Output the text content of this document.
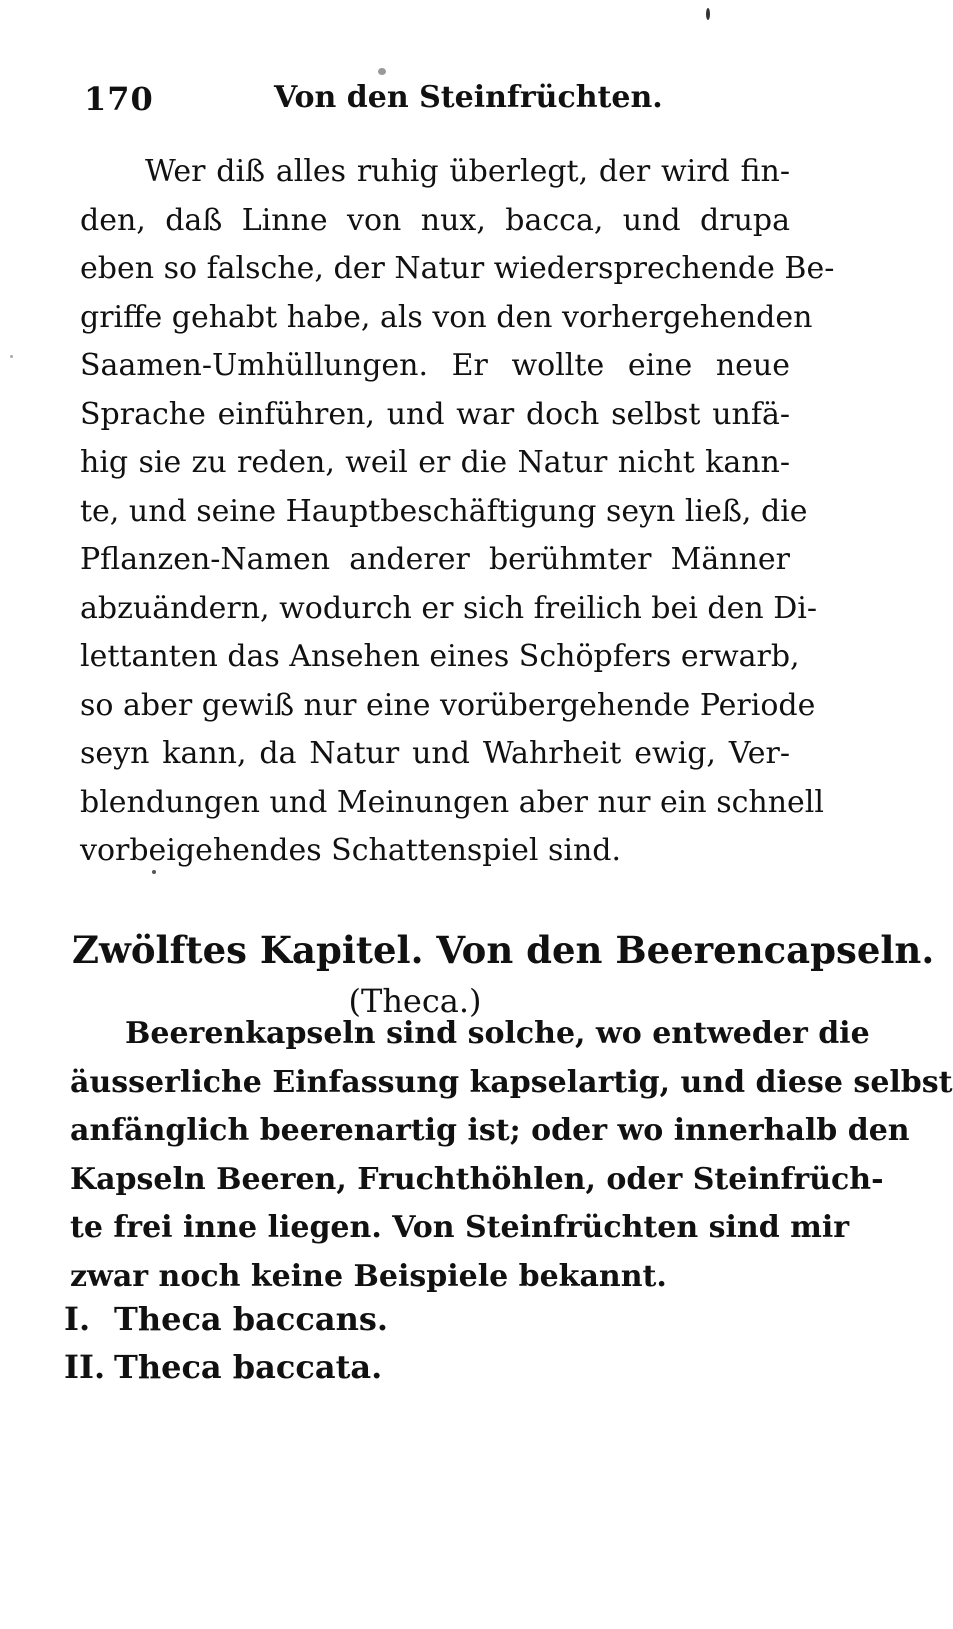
170	Von den Steinfrüchten.
Wer diß alles ruhig überlegt, der wird fin-
den, daß Linne von nux, bacca, und drupa
eben so falsche, der Natur wiedersprechende Be-
griffe gehabt habe, als von den vorhergehenden
Saamen-Umhüllungen. Er wollte eine neue
Sprache einführen, und war doch selbst unfä-
hig sie zu reden, weil er die Natur nicht kann-
te, und seine Hauptbeschäftigung seyn ließ, die
Pflanzen-Namen anderer berühmter Männer
abzuändern, wodurch er sich freilich bei den Di-
lettanten das Ansehen eines Schöpfers erwarb,
so aber gewiß nur eine vorübergehende Periode
seyn kann, da Natur und Wahrheit ewig, Ver-
blendungen und Meinungen aber nur ein schnell
vorbeigehendes Schattenspiel sind.
Zwölftes Kapitel. Von den Beerencapseln.
(Theca.)
Beerenkapseln sind solche, wo entweder die
äusserliche Einfassung kapselartig, und diese selbst
anfänglich beerenartig ist; oder wo innerhalb den
Kapseln Beeren, Fruchthöhlen, oder Steinfrüch-
te frei inne liegen. Von Steinfrüchten sind mir
zwar noch keine Beispiele bekannt.
I. Theca baccans.
II. Theca baccata.
